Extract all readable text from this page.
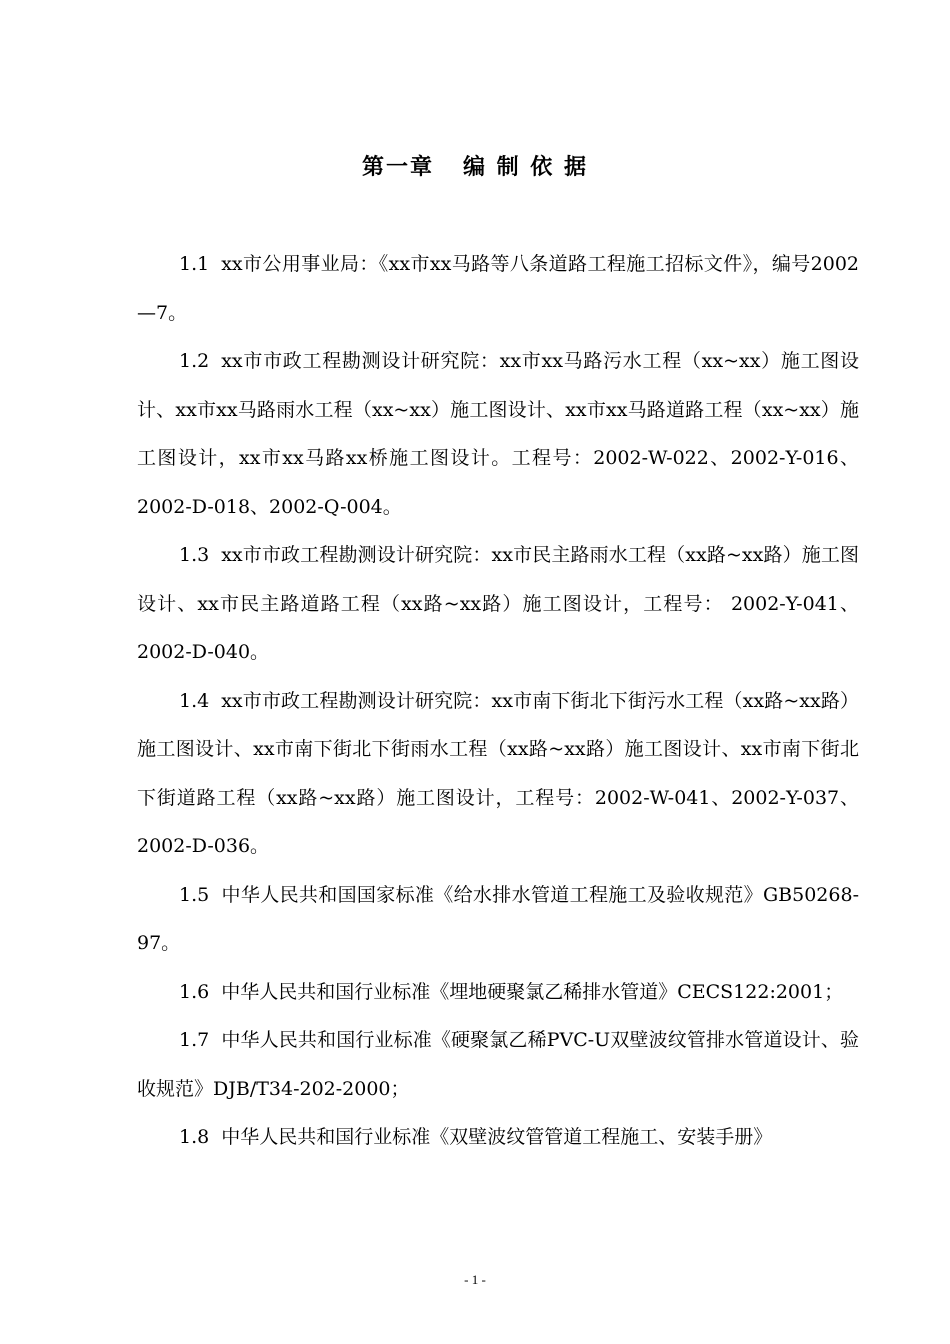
第一章   编 制 依 据

1.1 xx市公用事业局：《xx市xx马路等八条道路工程施工招标文件》，编号2002—7。

1.2 xx市市政工程勘测设计研究院：xx市xx马路污水工程（xx~xx）施工图设计、xx市xx马路雨水工程（xx~xx）施工图设计、xx市xx马路道路工程（xx~xx）施工图设计，xx市xx马路xx桥施工图设计。工程号：2002-W-022、2002-Y-016、2002-D-018、2002-Q-004。

1.3 xx市市政工程勘测设计研究院：xx市民主路雨水工程（xx路~xx路）施工图设计、xx市民主路道路工程（xx路~xx路）施工图设计，工程号： 2002-Y-041、2002-D-040。

1.4 xx市市政工程勘测设计研究院：xx市南下街北下街污水工程（xx路~xx路）施工图设计、xx市南下街北下街雨水工程（xx路~xx路）施工图设计、xx市南下街北下街道路工程（xx路~xx路）施工图设计，工程号：2002-W-041、2002-Y-037、2002-D-036。

1.5 中华人民共和国国家标准《给水排水管道工程施工及验收规范》GB50268-97。

1.6 中华人民共和国行业标准《埋地硬聚氯乙稀排水管道》CECS122:2001；

1.7 中华人民共和国行业标准《硬聚氯乙稀PVC-U双壁波纹管排水管道设计、验收规范》DJB/T34-202-2000；

1.8 中华人民共和国行业标准《双壁波纹管管道工程施工、安装手册》

- 1 -
